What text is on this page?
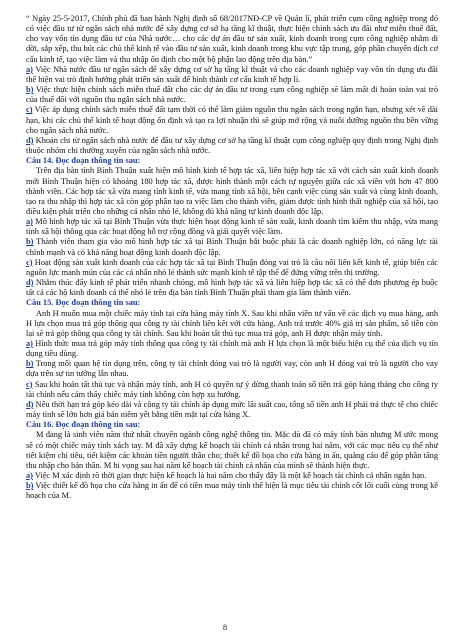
“ Ngày 25-5-2017, Chính phủ đã ban hành Nghị định số 68/2017NĐ-CP về Quản lí, phát triển cụm công nghiệp trong đó có việc đầu tư từ ngân sách nhà nước để xây dựng cơ sở hạ tầng kĩ thuật, thực hiện chính sách ưu đãi như miễn thuế đất, cho vay vốn tín dụng đầu tư của Nhà nước… cho các dự án đầu tư sản xuất, kinh doanh trong cụm công nghiệp nhằm di dời, sắp xếp, thu hút các chủ thể kinh tế vào đầu tư sản xuất, kinh doanh trong khu vực tập trung, góp phần chuyển dịch cơ cấu kinh tế, tạo việc làm và thu nhập ổn định cho một bộ phận lao động trên địa bàn.”

a) Việc Nhà nước đầu tư ngân sách để xây dựng cơ sở hạ tầng kĩ thuật và cho các doanh nghiệp vay vốn tín dụng ưu đãi thể hiện vai trò định hướng phát triển sản xuất để hình thành cơ cấu kinh tế hợp lí.

b) Việc thực hiện chính sách miễn thuế đất cho các dự án đầu tư trong cụm công nghiệp sẽ làm mất đi hoàn toàn vai trò của thuế đối với nguồn thu ngân sách nhà nước.

c) Việc áp dụng chính sách miễn thuế đất tạm thời có thể làm giảm nguồn thu ngân sách trong ngắn hạn, nhưng xét về dài hạn, khi các chủ thể kinh tế hoạt động ổn định và tạo ra lợi nhuận thì sẽ giúp mở rộng và nuôi dưỡng nguồn thu bền vững cho ngân sách nhà nước.

d) Khoản chi từ ngân sách nhà nước để đầu tư xây dựng cơ sở hạ tầng kĩ thuật cụm công nghiệp quy định trong Nghị định thuộc nhóm chi thường xuyên của ngân sách nhà nước.

Câu 14. Đọc đoạn thông tin sau:

Trên địa bàn tỉnh Bình Thuận xuất hiện mô hình kinh tế hợp tác xã, liên hiệp hợp tác xã với cách sản xuất kinh doanh mới Bình Thuận hiện có khoảng 180 hợp tác xã, được hình thành một cách tự nguyện giữa các xã viên với hơn 47 800 thành viên. Các hợp tác xã vừa mang tính kinh tế, vừa mang tính xã hội, bên cạnh việc cùng sản xuất và cùng kinh doanh, tạo ra thu nhập thì hợp tác xã còn góp phần tạo ra việc làm cho thành viên, giảm được tình hình thất nghiệp của xã hội, tạo điều kiện phát triển cho những cá nhân nhỏ lẻ, không đủ khả năng tự kinh doanh độc lập.

a) Mô hình hợp tác xã tại Bình Thuận vừa thực hiện hoạt động kinh tế sản xuất, kinh doanh tìm kiếm thu nhập, vừa mang tính xã hội thông qua các hoạt động hỗ trợ cộng đồng và giải quyết việc làm.

b) Thành viên tham gia vào mô hình hợp tác xã tại Bình Thuận bắt buộc phải là các doanh nghiệp lớn, có năng lực tài chính mạnh và có khả năng hoạt động kinh doanh độc lập.

c) Hoạt động sản xuất kinh doanh của các hợp tác xã tại Bình Thuận đóng vai trò là cầu nối liên kết kinh tế, giúp biến các nguồn lực manh mún của các cá nhân nhỏ lẻ thành sức mạnh kinh tế tập thể để đứng vững trên thị trường.

d) Nhằm thúc đẩy kinh tế phát triển nhanh chóng, mô hình hợp tác xã và liên hiệp hợp tác xã có thể đơn phương ép buộc tất cả các hộ kinh doanh cá thể nhỏ lẻ trên địa bàn tỉnh Bình Thuận phải tham gia làm thành viên.

Câu 15. Đọc đoạn thông tin sau:

Anh H muốn mua một chiếc máy tính tại cửa hàng máy tính X. Sau khi nhân viên tư vấn về các dịch vụ mua hàng, anh H lựa chọn mua trả góp thông qua công ty tài chính liên kết với cửa hàng. Anh trả trước 40% giá trị sản phẩm, số tiền còn lại sẽ trả góp thông qua công ty tài chính. Sau khi hoàn tất thủ tục mua trả góp, anh H được nhận máy tính.

a) Hình thức mua trả góp máy tính thông qua công ty tài chính mà anh H lựa chọn là một biểu hiện cụ thể của dịch vụ tín dụng tiêu dùng.

b) Trong mối quan hệ tín dụng trên, công ty tài chính đóng vai trò là người vay, còn anh H đóng vai trò là người cho vay dựa trên sự tin tưởng lẫn nhau.

c) Sau khi hoàn tất thủ tục và nhận máy tính, anh H có quyền tự ý dừng thanh toán số tiền trả góp hàng tháng cho công ty tài chính nếu cảm thấy chiếc máy tính không còn hợp xu hướng.

d) Nếu thời hạn trả góp kéo dài và công ty tài chính áp dụng mức lãi suất cao, tổng số tiền anh H phải trả thực tế cho chiếc máy tính sẽ lớn hơn giá bán niêm yết bằng tiền mặt tại cửa hàng X.

Câu 16. Đọc đoạn thông tin sau:

M đang là sinh viên năm thứ nhất chuyên ngành công nghệ thông tin. Mặc dù đã có máy tính bàn nhưng M ước mong sẽ có một chiếc máy tính xách tay. M đã xây dựng kế hoạch tài chính cá nhân trong hai năm, với các mục tiêu cụ thể như tiết kiệm chi tiêu, tiết kiệm các khoản tiền người thân cho; thiết kế đồ họa cho cửa hàng in ấn, quảng cáo để góp phần tăng thu nhập cho bản thân. M hi vọng sau hai năm kế hoạch tài chính cá nhân của mình sẽ thành hiện thực.

a) Việc M xác định rõ thời gian thực hiện kế hoạch là hai năm cho thấy đây là một kế hoạch tài chính cá nhân ngắn hạn.

b) Việc thiết kế đồ họa cho cửa hàng in ấn để có tiền mua máy tính thể hiện là mục tiêu tài chính cốt lõi cuối cùng trong kế hoạch của M.

8
